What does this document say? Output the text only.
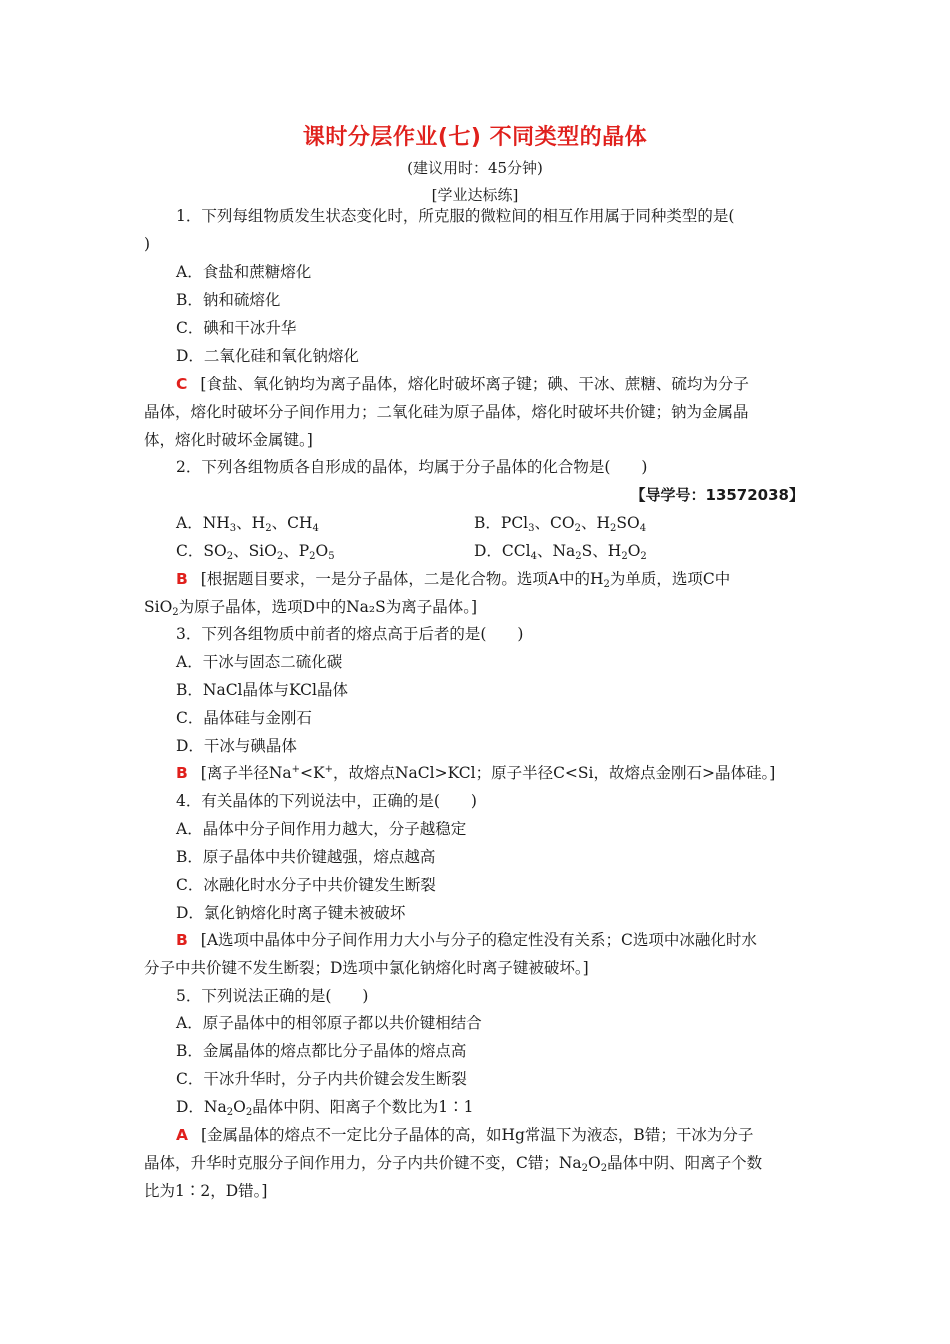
课时分层作业(七) 不同类型的晶体
(建议用时：45分钟)
[学业达标练]
1．下列每组物质发生状态变化时，所克服的微粒间的相互作用属于同种类型的是(
)
A．食盐和蔗糖熔化
B．钠和硫熔化
C．碘和干冰升华
D．二氧化硅和氧化钠熔化
C [食盐、氧化钠均为离子晶体，熔化时破坏离子键；碘、干冰、蔗糖、硫均为分子
晶体，熔化时破坏分子间作用力；二氧化硅为原子晶体，熔化时破坏共价键；钠为金属晶
体，熔化时破坏金属键。]
2．下列各组物质各自形成的晶体，均属于分子晶体的化合物是(　　)
【导学号：13572038】
A．$NH_3$、$H_2$、$CH_4$	B．PCl$_3$、$CO_2$、$H_2SO_4$
C．$SO_2$、SiO$_2$、$P_2O_5$	D．CCl$_4$、$Na_2S$、$H_2O_2$
B [根据题目要求，一是分子晶体，二是化合物。选项A中的$H_2$为单质，选项C中
SiO$_2$为原子晶体，选项D中的Na₂S为离子晶体。]
3．下列各组物质中前者的熔点高于后者的是(　　)
A．干冰与固态二硫化碳
B．NaCl晶体与KCl晶体
C．晶体硅与金刚石
D．干冰与碘晶体
B [离子半径Na+<K+，故熔点NaCl>KCl；原子半径C<Si，故熔点金刚石>晶体硅。]
4．有关晶体的下列说法中，正确的是(　　)
A．晶体中分子间作用力越大，分子越稳定
B．原子晶体中共价键越强，熔点越高
C．冰融化时水分子中共价键发生断裂
D．氯化钠熔化时离子键未被破坏
B [A选项中晶体中分子间作用力大小与分子的稳定性没有关系；C选项中冰融化时水
分子中共价键不发生断裂；D选项中氯化钠熔化时离子键被破坏。]
5．下列说法正确的是(　　)
A．原子晶体中的相邻原子都以共价键相结合
B．金属晶体的熔点都比分子晶体的熔点高
C．干冰升华时，分子内共价键会发生断裂
D．$Na_2O_2$晶体中阴、阳离子个数比为1∶1
A [金属晶体的熔点不一定比分子晶体的高，如Hg常温下为液态，B错；干冰为分子
晶体，升华时克服分子间作用力，分子内共价键不变，C错；$Na_2O_2$晶体中阴、阳离子个数
比为1∶2，D错。]
